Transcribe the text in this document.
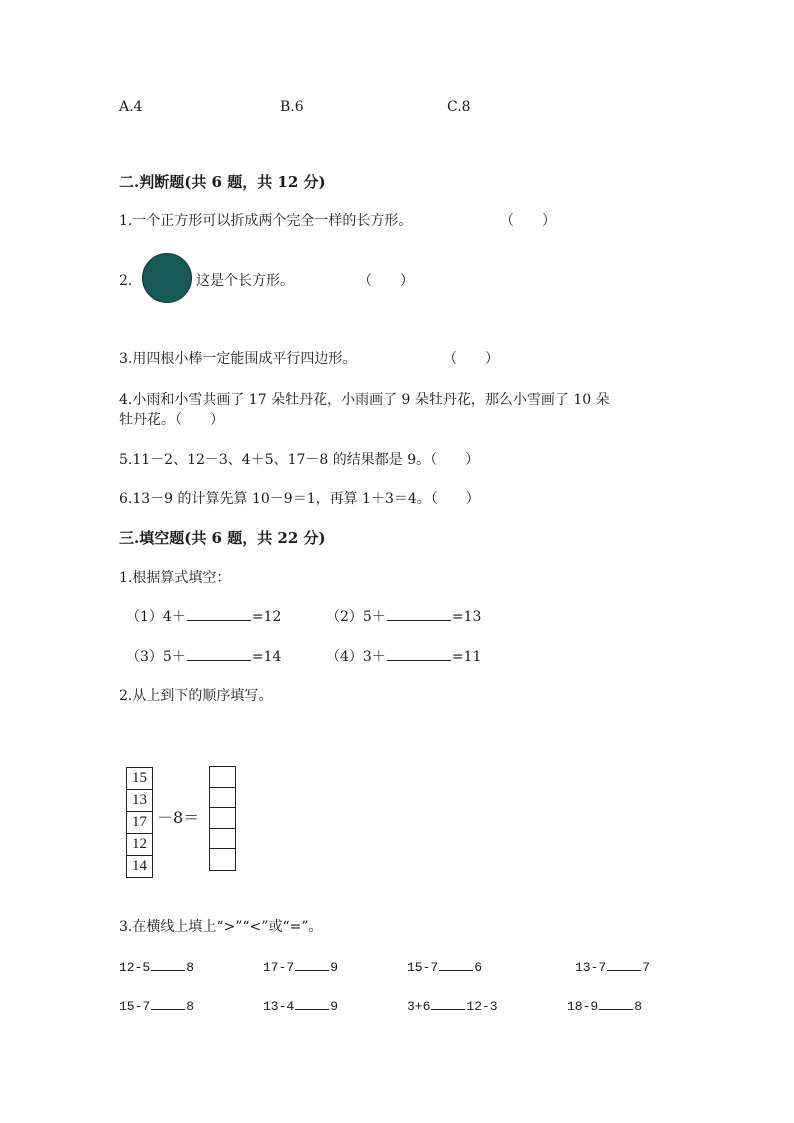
A.4	B.6	C.8
二.判断题(共 6 题，共 12 分)
1.一个正方形可以折成两个完全一样的长方形。	（　　）
2.	这是个长方形。	（　　）
3.用四根小棒一定能围成平行四边形。	（　　）
4.小雨和小雪共画了 17 朵牡丹花，小雨画了 9 朵牡丹花，那么小雪画了 10 朵
牡丹花。（　　）
5.11－2、12－3、4＋5、17－8 的结果都是 9。（　　）
6.13－9 的计算先算 10－9＝1，再算 1＋3＝4。（　　）
三.填空题(共 6 题，共 22 分)
1.根据算式填空：
（1）4＋	=12	（2）5＋	=13
（3）5＋	=14	（4）3＋	=11
2.从上到下的顺序填写。
15
13
17
12
14
－8＝
3.在横线上填上“>”“<”或“=”。
12-5	8	17-7	9	15-7	6	13-7	7
15-7	8	13-4	9	3+6	12-3	18-9	8
